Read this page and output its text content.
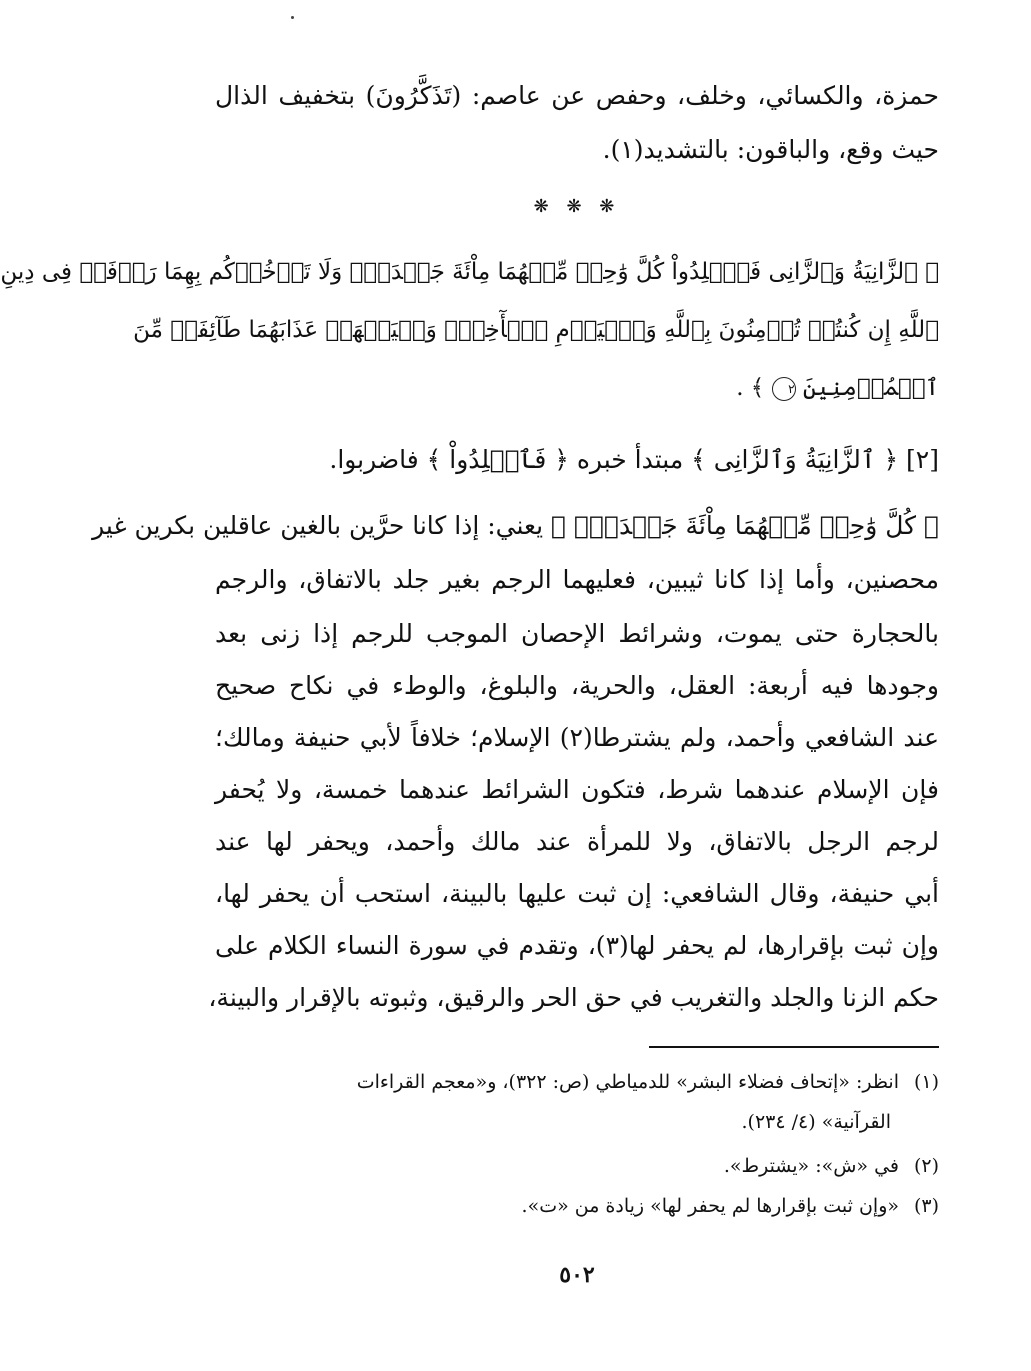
حمزة، والكسائي، وخلف، وحفص عن عاصم: (تَذَكَّرُونَ) بتخفيف الذال
حيث وقع، والباقون: بالتشديد(١).
❋ ❋ ❋
﴿ ٱلزَّانِيَةُ وَٱلزَّانِى فَٱجۡلِدُواْ كُلَّ وَٰحِدٖ مِّنۡهُمَا مِاْئَةَ جَلۡدَةٖۖ وَلَا تَأۡخُذۡكُم بِهِمَا رَأۡفَةٞ فِى دِينِ
ٱللَّهِ إِن كُنتُمۡ تُؤۡمِنُونَ بِٱللَّهِ وَٱلۡيَوۡمِ ٱلۡأٓخِرِۖ وَلۡيَشۡهَدۡ عَذَابَهُمَا طَآئِفَةٞ مِّنَ
ٱلۡمُؤۡمِنِينَ ٢ ﴾ .
[٢] ﴿ ٱلزَّانِيَةُ وَٱلزَّانِى ﴾ مبتدأ خبره ﴿ فَٱجۡلِدُواْ ﴾ فاضربوا.
﴿ كُلَّ وَٰحِدٖ مِّنۡهُمَا مِاْئَةَ جَلۡدَةٖۖ ﴾ يعني: إذا كانا حرَّين بالغين عاقلين بكرين غير
محصنين، وأما إذا كانا ثيبين، فعليهما الرجم بغير جلد بالاتفاق، والرجم
بالحجارة حتى يموت، وشرائط الإحصان الموجب للرجم إذا زنى بعد
وجودها فيه أربعة: العقل، والحرية، والبلوغ، والوطء في نكاح صحيح
عند الشافعي وأحمد، ولم يشترطا(٢) الإسلام؛ خلافاً لأبي حنيفة ومالك؛
فإن الإسلام عندهما شرط، فتكون الشرائط عندهما خمسة، ولا يُحفر
لرجم الرجل بالاتفاق، ولا للمرأة عند مالك وأحمد، ويحفر لها عند
أبي حنيفة، وقال الشافعي: إن ثبت عليها بالبينة، استحب أن يحفر لها،
وإن ثبت بإقرارها، لم يحفر لها(٣)، وتقدم في سورة النساء الكلام على
حكم الزنا والجلد والتغريب في حق الحر والرقيق، وثبوته بالإقرار والبينة،
(١)انظر: «إتحاف فضلاء البشر» للدمياطي (ص: ٣٢٢)، و«معجم القراءات
القرآنية» (٤/ ٢٣٤).
(٢)في «ش»: «يشترط».
(٣)«وإن ثبت بإقرارها لم يحفر لها» زيادة من «ت».
٥٠٢
